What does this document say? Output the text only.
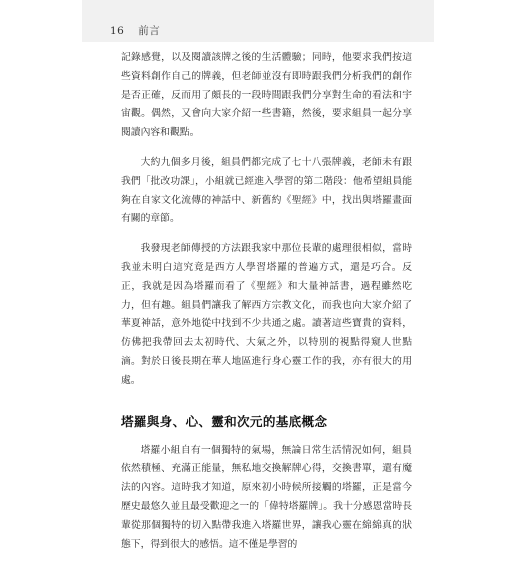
16 前言

記錄感覺，以及閱讀該牌之後的生活體驗；同時，他要求我們按這些資料創作自己的牌義，但老師並沒有即時跟我們分析我們的創作是否正確，反而用了頗長的一段時間跟我們分享對生命的看法和宇宙觀。偶然，又會向大家介紹一些書籍，然後，要求組員一起分享閱讀內容和觀點。

大約九個多月後，組員們都完成了七十八張牌義，老師未有跟我們「批改功課」，小組就已經進入學習的第二階段：他希望組員能夠在自家文化流傳的神話中、新舊約《聖經》中，找出與塔羅畫面有關的章節。

我發現老師傳授的方法跟我家中那位長輩的處理很相似，當時我並未明白這究竟是西方人學習塔羅的普遍方式，還是巧合。反正，我就是因為塔羅而看了《聖經》和大量神話書，過程雖然吃力，但有趣。組員們讓我了解西方宗教文化，而我也向大家介紹了華夏神話，意外地從中找到不少共通之處。讀著這些寶貴的資料，仿佛把我帶回去太初時代、大氣之外，以特別的視點得窺人世點滴。對於日後長期在華人地區進行身心靈工作的我，亦有很大的用處。

塔羅與身、心、靈和次元的基底概念

塔羅小組自有一個獨特的氣場，無論日常生活情況如何，組員依然積極、充滿正能量，無私地交換解牌心得，交換書單，還有魔法的內容。這時我才知道，原來初小時候所接觸的塔羅，正是當今歷史最悠久並且最受歡迎之一的「偉特塔羅牌」。我十分感恩當時長輩從那個獨特的切入點帶我進入塔羅世界，讓我心靈在綿綿真的狀態下，得到很大的感悟。這不僅是學習的
